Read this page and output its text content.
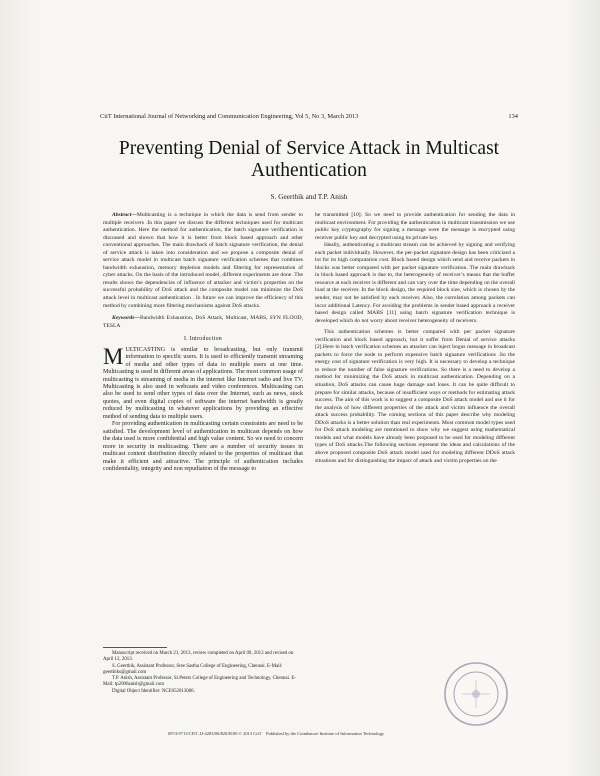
CiiT International Journal of Networking and Communication Engineering, Vol 5, No 3, March 2013	134
Preventing Denial of Service Attack in Multicast Authentication
S. Geerthik and T.P. Anish

Abstract—Multicasting is a technique in which the data is send from sender to multiple receivers .In this paper we discuss the different techniques used for multicast authentication. Here the method for authentication, the batch signature verification is discussed and shown that how it is better from block based approach and other conventional approaches. The main drawback of batch signature verification, the denial of service attack is taken into consideration and we propose a composite denial of service attack model in multicast batch signature verification schemes that combines bandwidth exhaustion, memory depletion models and filtering for representation of cyber attacks. On the basis of the introduced model, different experiments are done .The results shows the dependencies of influence of attacker and victim’s properties on the successful probability of DoS attack and the composite model can minimize the DoS attack level in multicast authentication . In future we can improve the efficiency of this method by combining more filtering mechanisms against DoS attacks.

Keywords—Bandwidth Exhaustion, DoS Attack, Multicast, MABS, SYN FLOOD, TESLA

I. Introduction

MULTICASTING is similar to broadcasting, but only transmit information to specific users. It is used to efficiently transmit streaming of media and other types of data to multiple users at one time. Multicasting is used in different areas of applications. The most common usage of multicasting is streaming of media in the internet like Internet radio and live TV. Multicasting is also used in webcasts and video conferences. Multicasting can also be used to send other types of data over the Internet, such as news, stock quotes, and even digital copies of software the internet bandwidth is greatly reduced by multicasting in whatever applications by providing an effective method of sending data to multiple users.

For providing authentication in multicasting certain constraints are need to be satisfied. The development level of authentication in multicast depends on how the data used is more confidential and high value content. So we need to concern more in security in multicasting. There are a number of security issues in multicast content distribution directly related to the properties of multicast that make it efficient and attractive. The principle of authentication includes confidentiality, integrity and non repudiation of the message to

Manuscript received on March 21, 2013, review completed on April 09, 2013 and revised on April 12, 2013.

S. Geerthik, Assistant Professor, Sree Sastha College of Engineering, Chennai. E-Mail: geerthiks@gmail.com

T.P. Anish, Assistant Professor, St.Peters College of Engineering and Technology, Chennai. E-Mail: tp2006anish@gmail.com

Digital Object Identifier: NCE052013006.

be transmitted [10]. So we need to provide authentication for sending the data in multicast environment. For providing the authentication in multicast transmission we use public key cryptography for signing a message were the message is encrypted using receiver public key and decrypted using its private key.

Ideally, authenticating a multicast stream can be achieved by signing and verifying each packet individually. However, the per-packet signature design has been criticized a lot for its high computation cost. Block based design which send and receive packets in blocks was better compared with per packet signature verification. The main drawback in block based approach is due to, the heterogeneity of receiver’s means that the buffer resource at each receiver is different and can vary over the time depending on the overall load at the receiver. In the block design, the required block size, which is chosen by the sender, may not be satisfied by each receiver. Also, the correlation among packets can incur additional Latency. For avoiding the problems in sender based approach a receiver based design called MABS [11] using batch signature verification technique is developed which do not worry about receiver heterogeneity of receivers.

This authentication schemes is better compared with per packet signature verification and block based approach, but it suffer from Denial of service attacks [2].Here in batch verification schemes an attacker can inject bogus message in broadcast packets to force the node to perform expensive batch signature verifications .So the energy cost of signature verification is very high. It is necessary to develop a technique to reduce the number of false signature verifications. So there is a need to develop a method for minimizing the DoS attack in multicast authentication. Depending on a situation, DoS attacks can cause huge damage and loses. It can be quite difficult to prepare for similar attacks, because of insufficient ways or methods for estimating attack success. The aim of this work is to suggest a composite DoS attack model and use it for the analysis of how different properties of the attack and victim influence the overall attack success probability. The coming sections of this paper describe why modeling DDoS attacks is a better solution than real experiments. Most common model types used for DoS attack modeling are mentioned to show why we suggest using mathematical models and what models have already been proposed to be used for modeling different types of DoS attacks.The following sections represent the ideas and calculations of the above proposed composite DoS attack model used for modeling different DDoS attack situations and for distinguishing the impact of attack and victim properties on the

0974-9713/CIIT–IJ-4283/06/$20/$100 © 2013 CiiT Published by the Coimbatore Institute of Information Technology
